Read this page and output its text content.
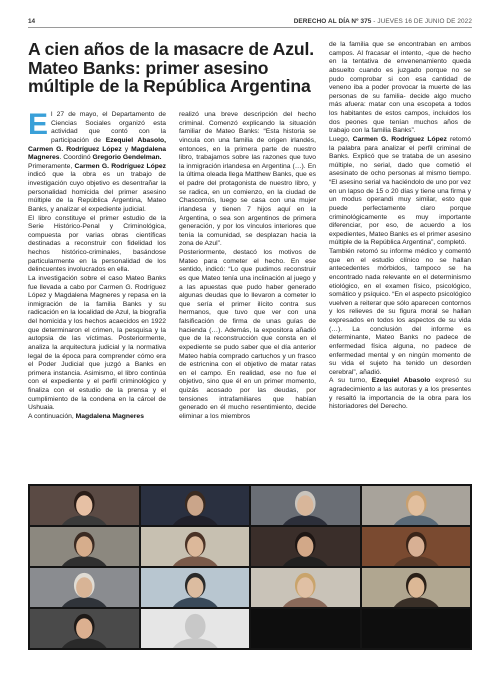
14	DERECHO AL DÍA Nº 375 - JUEVES 16 DE JUNIO DE 2022
A cien años de la masacre de Azul. Mateo Banks: primer asesino múltiple de la República Argentina

El 27 de mayo, el Departamento de Ciencias Sociales organizó esta actividad que contó con la participación de Ezequiel Abasolo, Carmen G. Rodríguez López y Magdalena Magneres. Coordinó Gregorio Gendelman.

Primeramente, Carmen G. Rodríguez López indicó que la obra es un trabajo de investigación cuyo objetivo es desentrañar la personalidad homicida del primer asesino múltiple de la República Argentina, Mateo Banks, y analizar el expediente judicial.

El libro constituye el primer estudio de la Serie Histórico-Penal y Criminológica, compuesta por varias obras científicas destinadas a reconstruir con fidelidad los hechos histórico-criminales, basándose particularmente en la personalidad de los delincuentes involucrados en ella.

La investigación sobre el caso Mateo Banks fue llevada a cabo por Carmen G. Rodríguez López y Magdalena Magneres y repasa en la inmigración de la familia Banks y su radicación en la localidad de Azul, la biografía del homicida y los hechos acaecidos en 1922 que determinaron el crimen, la pesquisa y la autopsia de las víctimas. Posteriormente, analiza la arquitectura judicial y la normativa legal de la época para comprender cómo era el Poder Judicial que juzgó a Banks en primera instancia. Asimismo, el libro continúa con el expediente y el perfil criminológico y finaliza con el estudio de la prensa y el cumplimiento de la condena en la cárcel de Ushuaia.

A continuación, Magdalena Magneres

realizó una breve descripción del hecho criminal. Comenzó explicando la situación familiar de Mateo Banks: “Esta historia se vincula con una familia de origen irlandés, entonces, en la primera parte de nuestro libro, trabajamos sobre las razones que tuvo la inmigración irlandesa en Argentina (…). En la última oleada llega Matthew Banks, que es el padre del protagonista de nuestro libro, y se radica, en un comienzo, en la ciudad de Chascomús, luego se casa con una mujer irlandesa y tienen 7 hijos aquí en la Argentina, o sea son argentinos de primera generación, y por los vínculos interiores que tenía la comunidad, se desplazan hacia la zona de Azul”.

Posteriormente, destacó los motivos de Mateo para cometer el hecho. En ese sentido, indicó: “Lo que pudimos reconstruir es que Mateo tenía una inclinación al juego y a las apuestas que pudo haber generado algunas deudas que lo llevaron a cometer lo que sería el primer ilícito contra sus hermanos, que tuvo que ver con una falsificación de firma de unas guías de hacienda (…). Además, la expositora añadió que de la reconstrucción que consta en el expediente se pudo saber que el día anterior Mateo había comprado cartuchos y un frasco de estricnina con el objetivo de matar ratas en el campo. En realidad, ese no fue el objetivo, sino que él en un primer momento, quizás acosado por las deudas, por tensiones intrafamiliares que habían generado en él mucho resentimiento, decide eliminar a los miembros

de la familia que se encontraban en ambos campos. Al fracasar el intento, -que de hecho en la tentativa de envenenamiento queda absuelto cuando es juzgado porque no se pudo comprobar si con esa cantidad de veneno iba a poder provocar la muerte de las personas de su familia- decide algo mucho más afuera: matar con una escopeta a todos los habitantes de estos campos, incluidos los dos peones que tenían muchos años de trabajo con la familia Banks”.

Luego, Carmen G. Rodríguez López retomó la palabra para analizar el perfil criminal de Banks. Explicó que se trataba de un asesino múltiple, no serial, dado que cometió el asesinato de ocho personas al mismo tiempo. “El asesino serial va haciéndolo de uno por vez en un lapso de 15 o 20 días y tiene una firma y un modus operandi muy similar, esto que puede perfectamente claro porque criminológicamente es muy importante diferenciar, por eso, de acuerdo a los expedientes, Mateo Banks es el primer asesino múltiple de la República Argentina”, completó.

También retomó su informe médico y comentó que en el estudio clínico no se hallan antecedentes mórbidos, tampoco se ha encontrado nada relevante en el determinismo etiológico, en el examen físico, psicológico, somático y psíquico. “En el aspecto psicológico vuelven a reiterar que sólo aparecen contornos y los relieves de su figura moral se hallan expresados en todos los aspectos de su vida (…). La conclusión del informe es determinante, Mateo Banks no padece de enfermedad física alguna, no padece de enfermedad mental y en ningún momento de su vida el sujeto ha tenido un desorden cerebral”, añadió.

A su turno, Ezequiel Abasolo expresó su agradecimiento a las autoras y a los presentes y resaltó la importancia de la obra para los historiadores del Derecho.
